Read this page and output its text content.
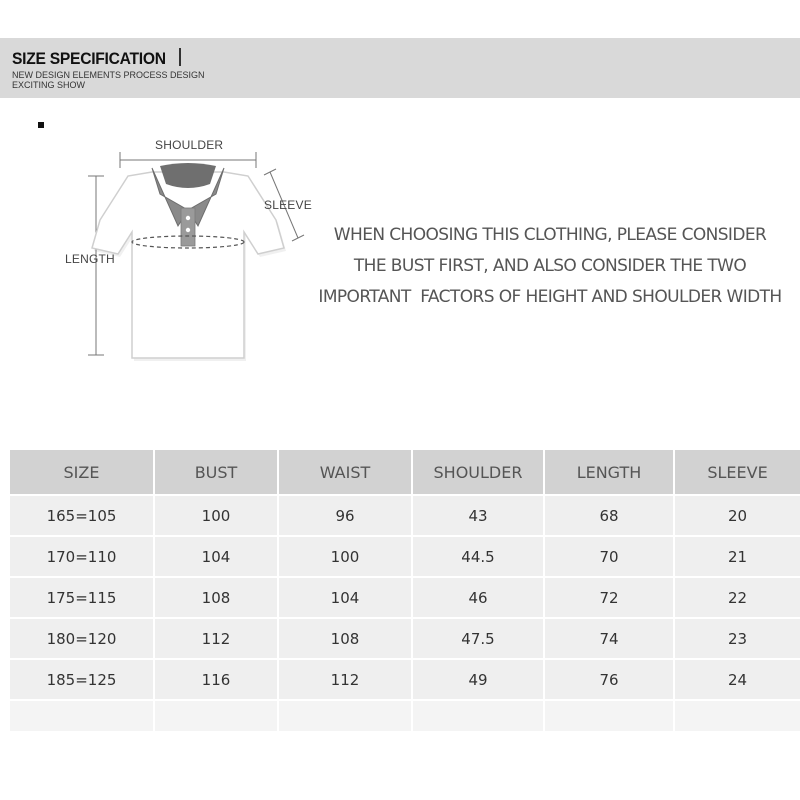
SIZE SPECIFICATION
NEW DESIGN ELEMENTS PROCESS DESIGN
EXCITING SHOW
SHOULDER
SLEEVE
LENGTH
WHEN CHOOSING THIS CLOTHING, PLEASE CONSIDER
THE BUST FIRST, AND ALSO CONSIDER THE TWO
IMPORTANT  FACTORS OF HEIGHT AND SHOULDER WIDTH
SIZE	BUST	WAIST	SHOULDER	LENGTH	SLEEVE
165=105	100	96	43	68	20
170=110	104	100	44.5	70	21
175=115	108	104	46	72	22
180=120	112	108	47.5	74	23
185=125	116	112	49	76	24
